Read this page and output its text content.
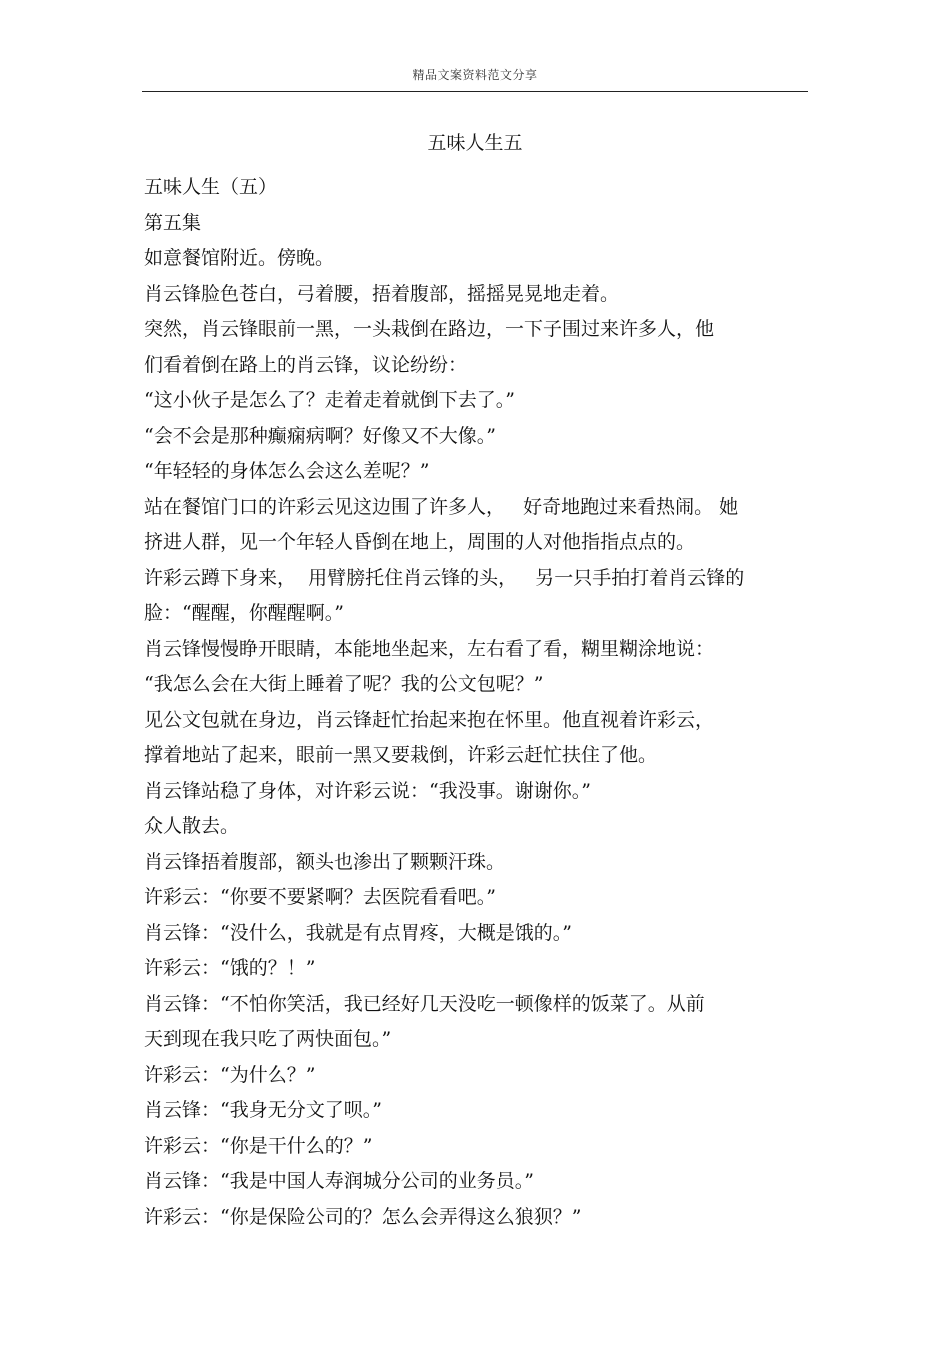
精品文案资料范文分享
五味人生五
五味人生（五）
第五集
如意餐馆附近。傍晚。
肖云锋脸色苍白，弓着腰，捂着腹部，摇摇晃晃地走着。
突然，肖云锋眼前一黑，一头栽倒在路边，一下子围过来许多人，他
们看着倒在路上的肖云锋，议论纷纷：
“这小伙子是怎么了？走着走着就倒下去了。”
“会不会是那种癫痫病啊？好像又不大像。”
“年轻轻的身体怎么会这么差呢？”
站在餐馆门口的许彩云见这边围了许多人，   好奇地跑过来看热闹。 她
挤进人群，见一个年轻人昏倒在地上，周围的人对他指指点点的。
许彩云蹲下身来，  用臂膀托住肖云锋的头，   另一只手拍打着肖云锋的
脸：“醒醒，你醒醒啊。”
肖云锋慢慢睁开眼睛，本能地坐起来，左右看了看，糊里糊涂地说：
“我怎么会在大街上睡着了呢？我的公文包呢？”
见公文包就在身边，肖云锋赶忙抬起来抱在怀里。他直视着许彩云，
撑着地站了起来，眼前一黑又要栽倒，许彩云赶忙扶住了他。
肖云锋站稳了身体，对许彩云说：“我没事。谢谢你。”
众人散去。
肖云锋捂着腹部，额头也渗出了颗颗汗珠。
许彩云：“你要不要紧啊？去医院看看吧。”
肖云锋：“没什么，我就是有点胃疼，大概是饿的。”
许彩云：“饿的？！”
肖云锋：“不怕你笑活，我已经好几天没吃一顿像样的饭菜了。从前
天到现在我只吃了两快面包。”
许彩云：“为什么？”
肖云锋：“我身无分文了呗。”
许彩云：“你是干什么的？”
肖云锋：“我是中国人寿润城分公司的业务员。”
许彩云：“你是保险公司的？怎么会弄得这么狼狈？”
